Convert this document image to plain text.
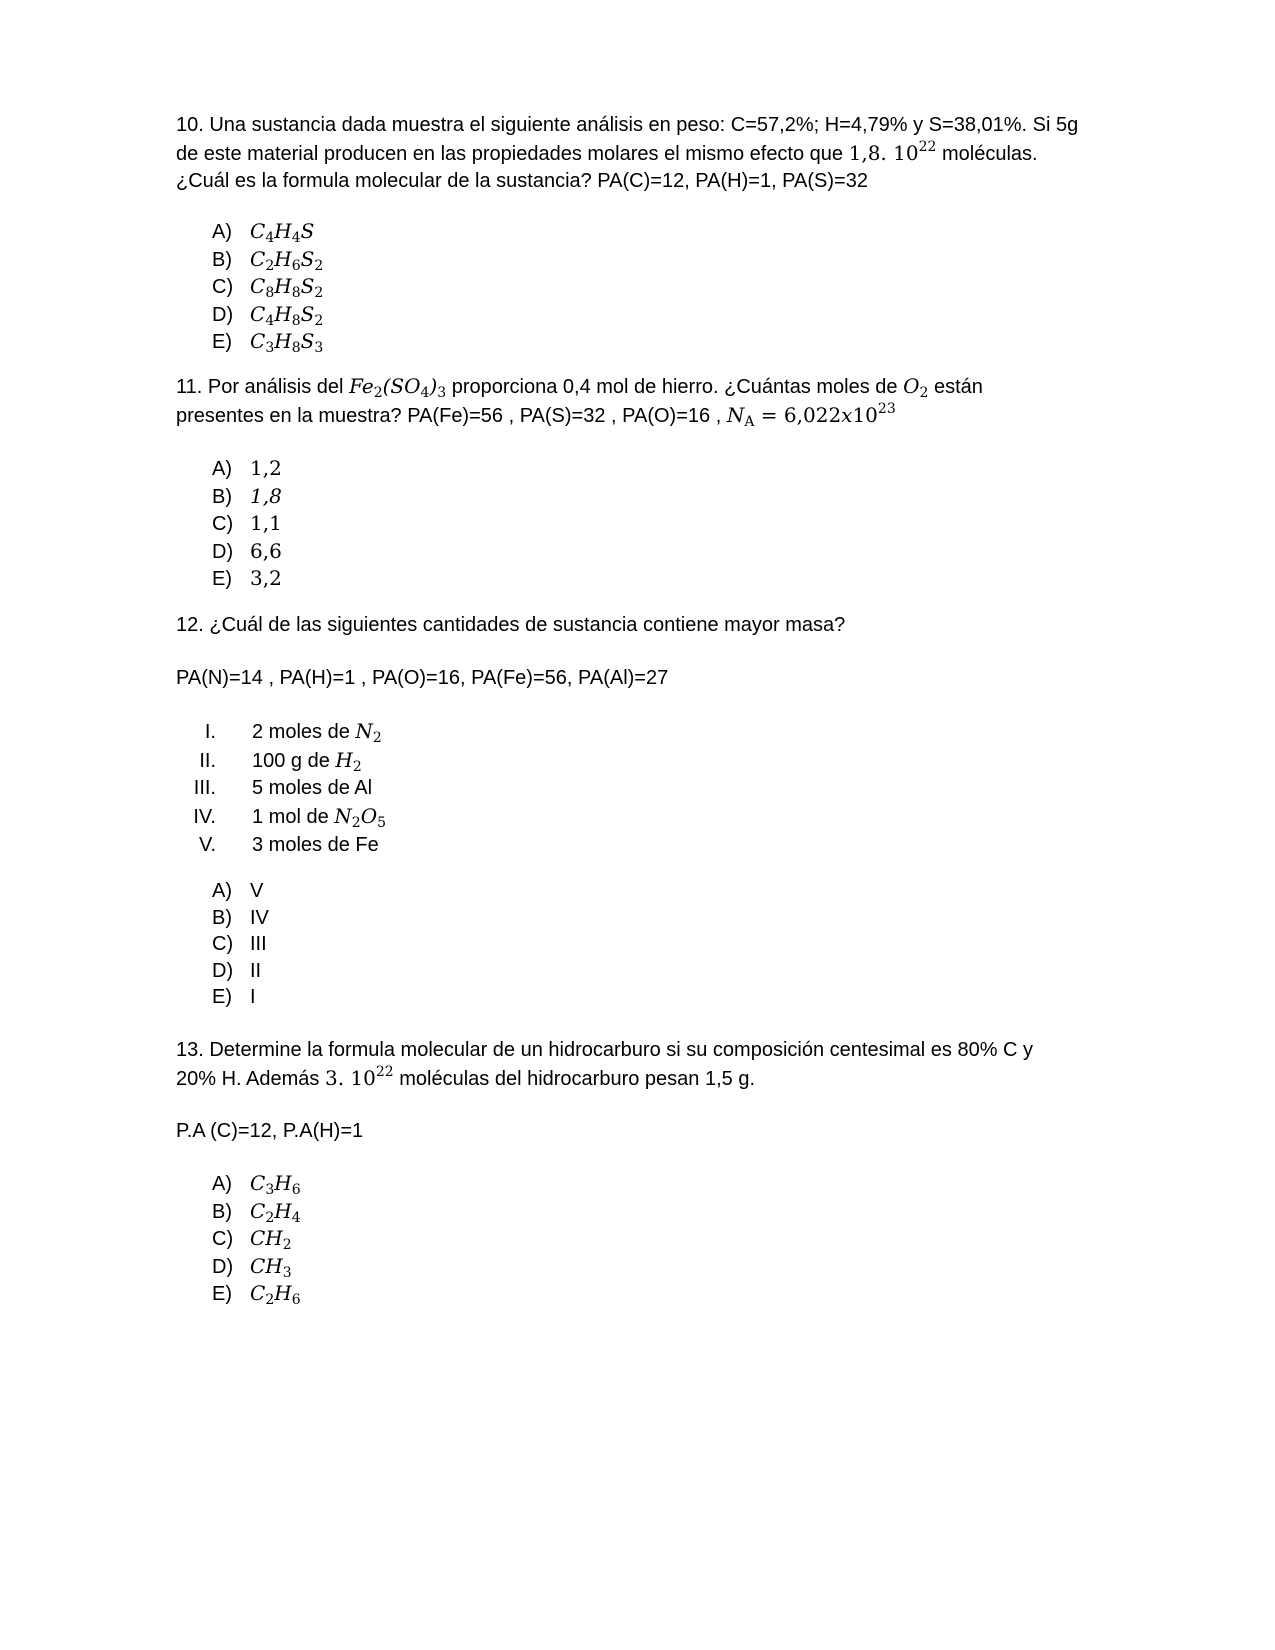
10. Una sustancia dada muestra el siguiente análisis en peso: C=57,2%; H=4,79% y S=38,01%. Si 5g

de este material producen en las propiedades molares el mismo efecto que 1,8. $10^{22}$ moléculas.

¿Cuál es la formula molecular de la sustancia? PA(C)=12, PA(H)=1, PA(S)=32

A) $C_4H_4S$
B) $C_2H_6S_2$
C) $C_8H_8S_2$
D) $C_4H_8S_2$
E) $C_3H_8S_3$

11. Por análisis del $Fe_2(SO_4)_3$ proporciona 0,4 mol de hierro. ¿Cuántas moles de $O_2$ están

presentes en la muestra? PA(Fe)=56 , PA(S)=32 , PA(O)=16 , $N_A = 6,022x10^{23}$

A) 1,2
B) 1,8
C) 1,1
D) 6,6
E) 3,2

12. ¿Cuál de las siguientes cantidades de sustancia contiene mayor masa?

PA(N)=14 , PA(H)=1 , PA(O)=16, PA(Fe)=56, PA(Al)=27

I. 2 moles de $N_2$
II. 100 g de $H_2$
III. 5 moles de Al
IV. 1 mol de $N_2O_5$
V. 3 moles de Fe
A) V
B) IV
C) III
D) II
E) I

13. Determine la formula molecular de un hidrocarburo si su composición centesimal es 80% C y

20% H. Además 3. $10^{22}$ moléculas del hidrocarburo pesan 1,5 g.

P.A (C)=12, P.A(H)=1

A) $C_3H_6$
B) $C_2H_4$
C) $CH_2$
D) $CH_3$
E) $C_2H_6$
